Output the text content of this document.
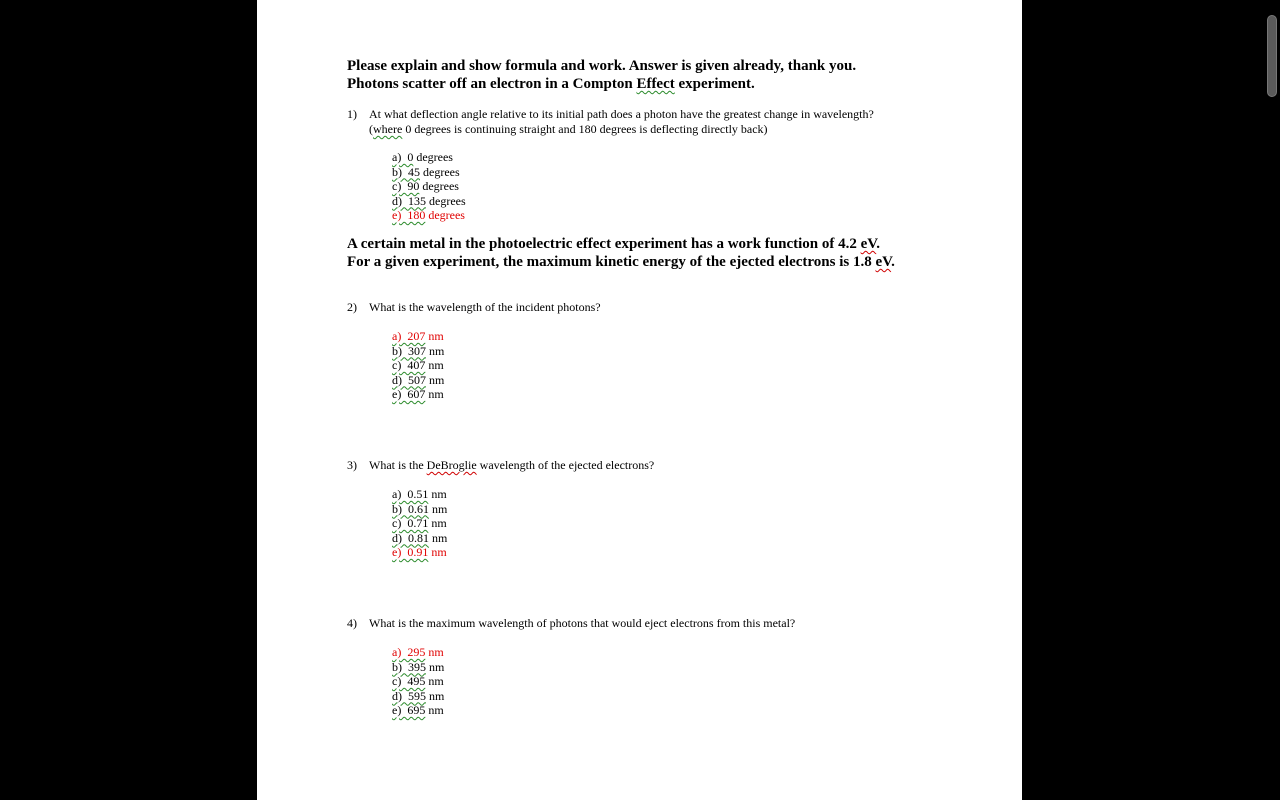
Please explain and show formula and work. Answer is given already, thank you.
Photons scatter off an electron in a Compton Effect experiment.
1) At what deflection angle relative to its initial path does a photon have the greatest change in wavelength?
(where 0 degrees is continuing straight and 180 degrees is deflecting directly back)
a)  0 degrees
b)  45 degrees
c)  90 degrees
d)  135 degrees
e)  180 degrees
A certain metal in the photoelectric effect experiment has a work function of 4.2 eV.
For a given experiment, the maximum kinetic energy of the ejected electrons is 1.8 eV.
2) What is the wavelength of the incident photons?
a)  207 nm
b)  307 nm
c)  407 nm
d)  507 nm
e)  607 nm
3) What is the DeBroglie wavelength of the ejected electrons?
a)  0.51 nm
b)  0.61 nm
c)  0.71 nm
d)  0.81 nm
e)  0.91 nm
4) What is the maximum wavelength of photons that would eject electrons from this metal?
a)  295 nm
b)  395 nm
c)  495 nm
d)  595 nm
e)  695 nm
